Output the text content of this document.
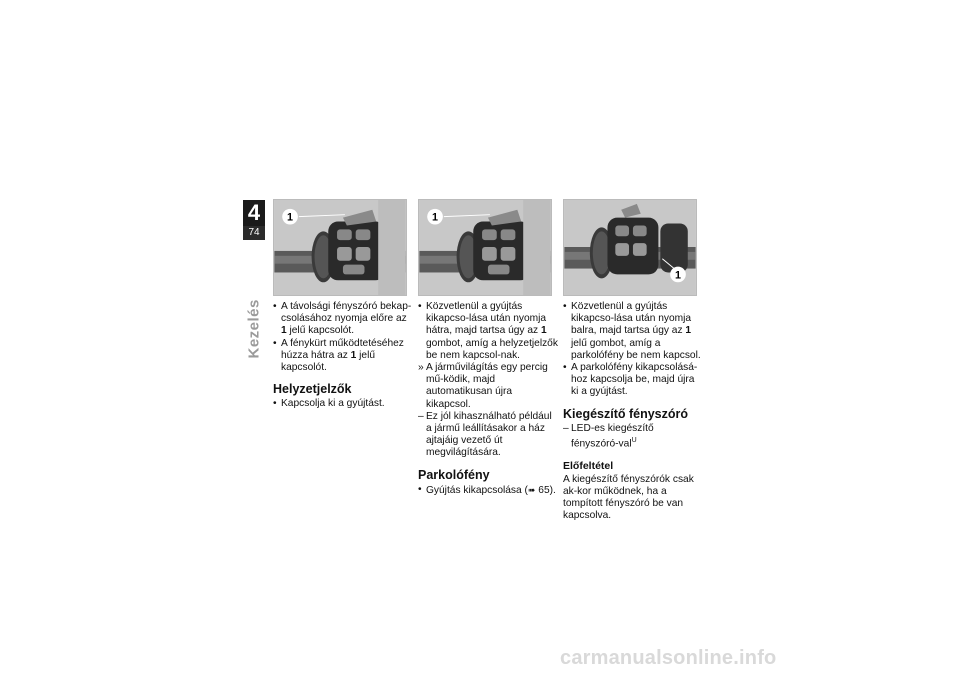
4
74
Kezelés
1	1
1

• A távolsági fényszóró bekap-csolásához nyomja előre az 1 jelű kapcsolót.

• A fénykürt működtetéséhez húzza hátra az 1 jelű kapcsolót.

Helyzetjelzők

• Kapcsolja ki a gyújtást.

• Közvetlenül a gyújtás kikapcso-lása után nyomja hátra, majd tartsa úgy az 1 gombot, amíg a helyzetjelzők be nem kapcsol-nak.

» A járművilágítás egy percig mű-ködik, majd automatikusan újra kikapcsol.

– Ez jól kihasználható például a jármű leállításakor a ház ajtajáig vezető út megvilágítására.

Parkolófény

• Gyújtás kikapcsolása (➠ 65).

• Közvetlenül a gyújtás kikapcso-lása után nyomja balra, majd tartsa úgy az 1 jelű gombot, amíg a parkolófény be nem kapcsol.

• A parkolófény kikapcsolásá-hoz kapcsolja be, majd újra ki a gyújtást.

Kiegészítő fényszóró

– LED-es kiegészítő fényszóró-val$^U$

Előfeltétel

A kiegészítő fényszórók csak ak-kor működnek, ha a tompított fényszóró be van kapcsolva.

carmanualsonline.info
